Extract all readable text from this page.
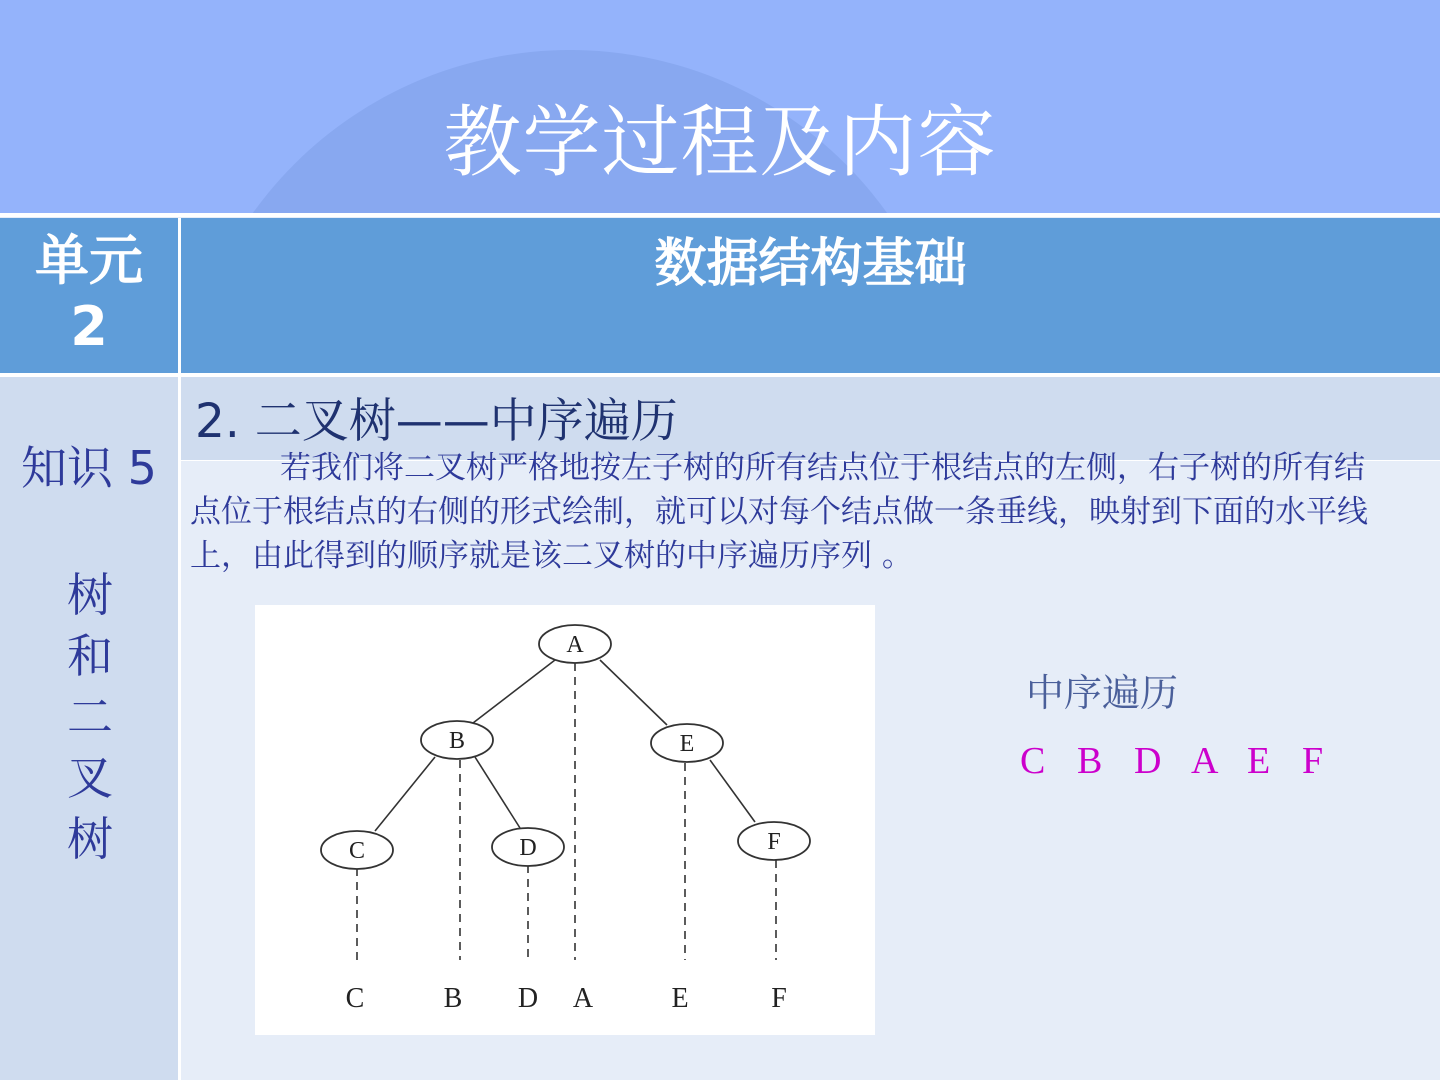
教学过程及内容
单元
2
数据结构基础
知识 5
树
和
二
叉
树
2. 二叉树——中序遍历
若我们将二叉树严格地按左子树的所有结点位于根结点的左侧，右子树的所有结点位于根结点的右侧的形式绘制，就可以对每个结点做一条垂线，映射到下面的水平线上，由此得到的顺序就是该二叉树的中序遍历序列 。
A
B	E
C	D	F
C	B D A	E	F
中序遍历
C B D A E F
